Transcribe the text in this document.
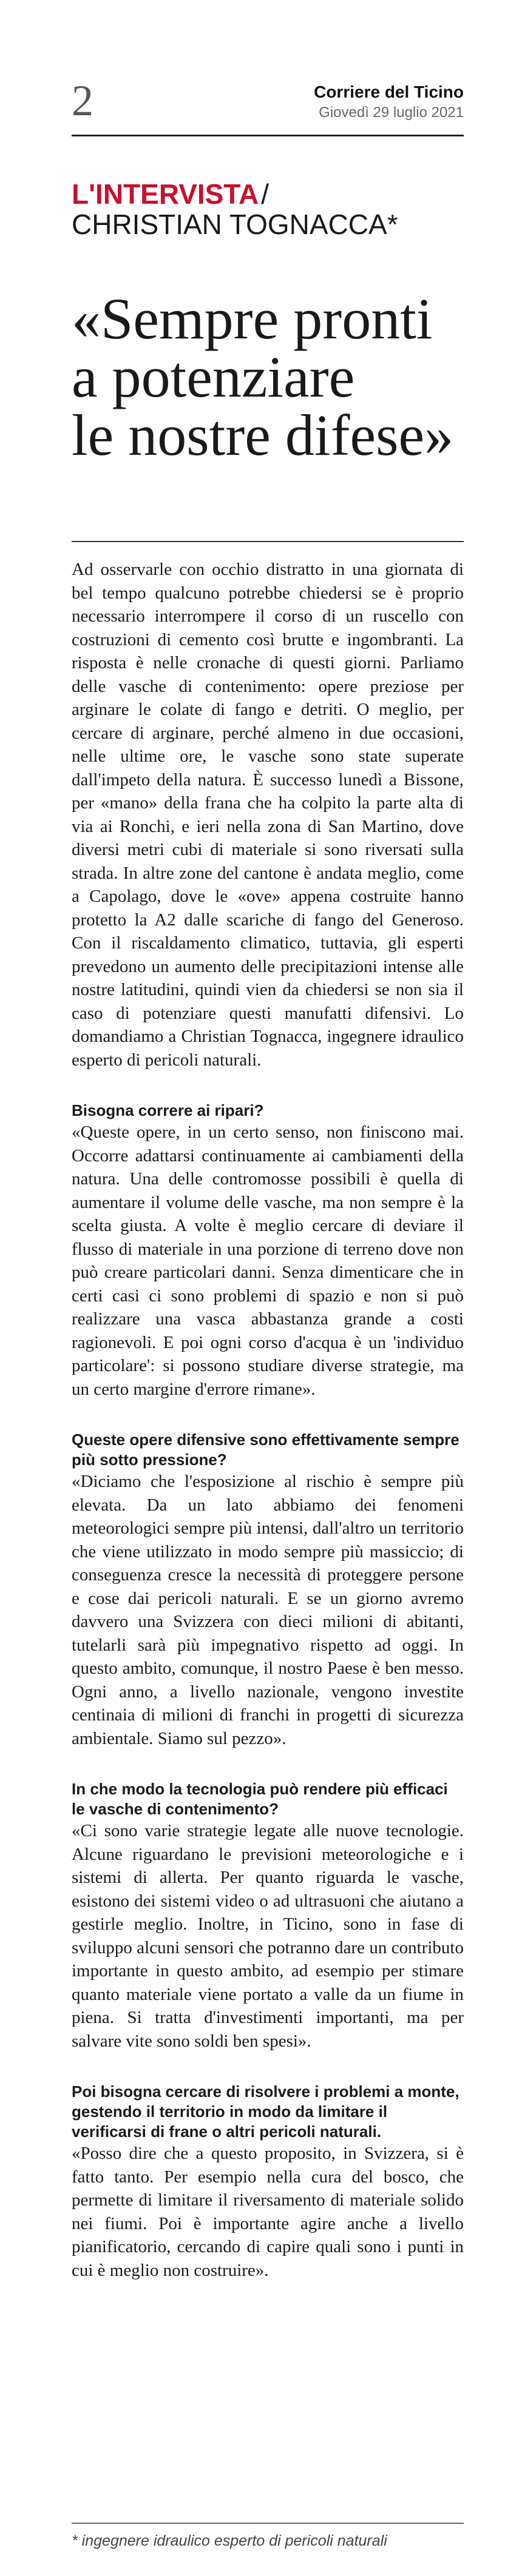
2	Corriere del Ticino
Giovedì 29 luglio 2021
L'INTERVISTA /
CHRISTIAN TOGNACCA*
«Sempre pronti
a potenziare
le nostre difese»

Ad osservarle con occhio distratto in una giornata di bel tempo qualcuno potrebbe chiedersi se è proprio necessario interrompere il corso di un ruscello con costruzioni di cemento così brutte e ingombranti. La risposta è nelle cronache di questi giorni. Parliamo delle vasche di contenimento: opere preziose per arginare le colate di fango e detriti. O meglio, per cercare di arginare, perché almeno in due occasioni, nelle ultime ore, le vasche sono state superate dall'impeto della natura. È successo lunedì a Bissone, per «mano» della frana che ha colpito la parte alta di via ai Ronchi, e ieri nella zona di San Martino, dove diversi metri cubi di materiale si sono riversati sulla strada. In altre zone del cantone è andata meglio, come a Capolago, dove le «ove» appena costruite hanno protetto la A2 dalle scariche di fango del Generoso. Con il riscaldamento climatico, tuttavia, gli esperti prevedono un aumento delle precipitazioni intense alle nostre latitudini, quindi vien da chiedersi se non sia il caso di potenziare questi manufatti difensivi. Lo domandiamo a Christian Tognacca, ingegnere idraulico esperto di pericoli naturali.

Bisogna correre ai ripari?

«Queste opere, in un certo senso, non finiscono mai. Occorre adattarsi continuamente ai cambiamenti della natura. Una delle contromosse possibili è quella di aumentare il volume delle vasche, ma non sempre è la scelta giusta. A volte è meglio cercare di deviare il flusso di materiale in una porzione di terreno dove non può creare particolari danni. Senza dimenticare che in certi casi ci sono problemi di spazio e non si può realizzare una vasca abbastanza grande a costi ragionevoli. E poi ogni corso d'acqua è un 'individuo particolare': si possono studiare diverse strategie, ma un certo margine d'errore rimane».

Queste opere difensive sono effettivamente sempre più sotto pressione?

«Diciamo che l'esposizione al rischio è sempre più elevata. Da un lato abbiamo dei fenomeni meteorologici sempre più intensi, dall'altro un territorio che viene utilizzato in modo sempre più massiccio; di conseguenza cresce la necessità di proteggere persone e cose dai pericoli naturali. E se un giorno avremo davvero una Svizzera con dieci milioni di abitanti, tutelarli sarà più impegnativo rispetto ad oggi. In questo ambito, comunque, il nostro Paese è ben messo. Ogni anno, a livello nazionale, vengono investite centinaia di milioni di franchi in progetti di sicurezza ambientale. Siamo sul pezzo».

In che modo la tecnologia può rendere più efficaci le vasche di contenimento?

«Ci sono varie strategie legate alle nuove tecnologie. Alcune riguardano le previsioni meteorologiche e i sistemi di allerta. Per quanto riguarda le vasche, esistono dei sistemi video o ad ultrasuoni che aiutano a gestirle meglio. Inoltre, in Ticino, sono in fase di sviluppo alcuni sensori che potranno dare un contributo importante in questo ambito, ad esempio per stimare quanto materiale viene portato a valle da un fiume in piena. Si tratta d'investimenti importanti, ma per salvare vite sono soldi ben spesi».

Poi bisogna cercare di risolvere i problemi a monte, gestendo il territorio in modo da limitare il verificarsi di frane o altri pericoli naturali.

«Posso dire che a questo proposito, in Svizzera, si è fatto tanto. Per esempio nella cura del bosco, che permette di limitare il riversamento di materiale solido nei fiumi. Poi è importante agire anche a livello pianificatorio, cercando di capire quali sono i punti in cui è meglio non costruire».

* ingegnere idraulico esperto di pericoli naturali
